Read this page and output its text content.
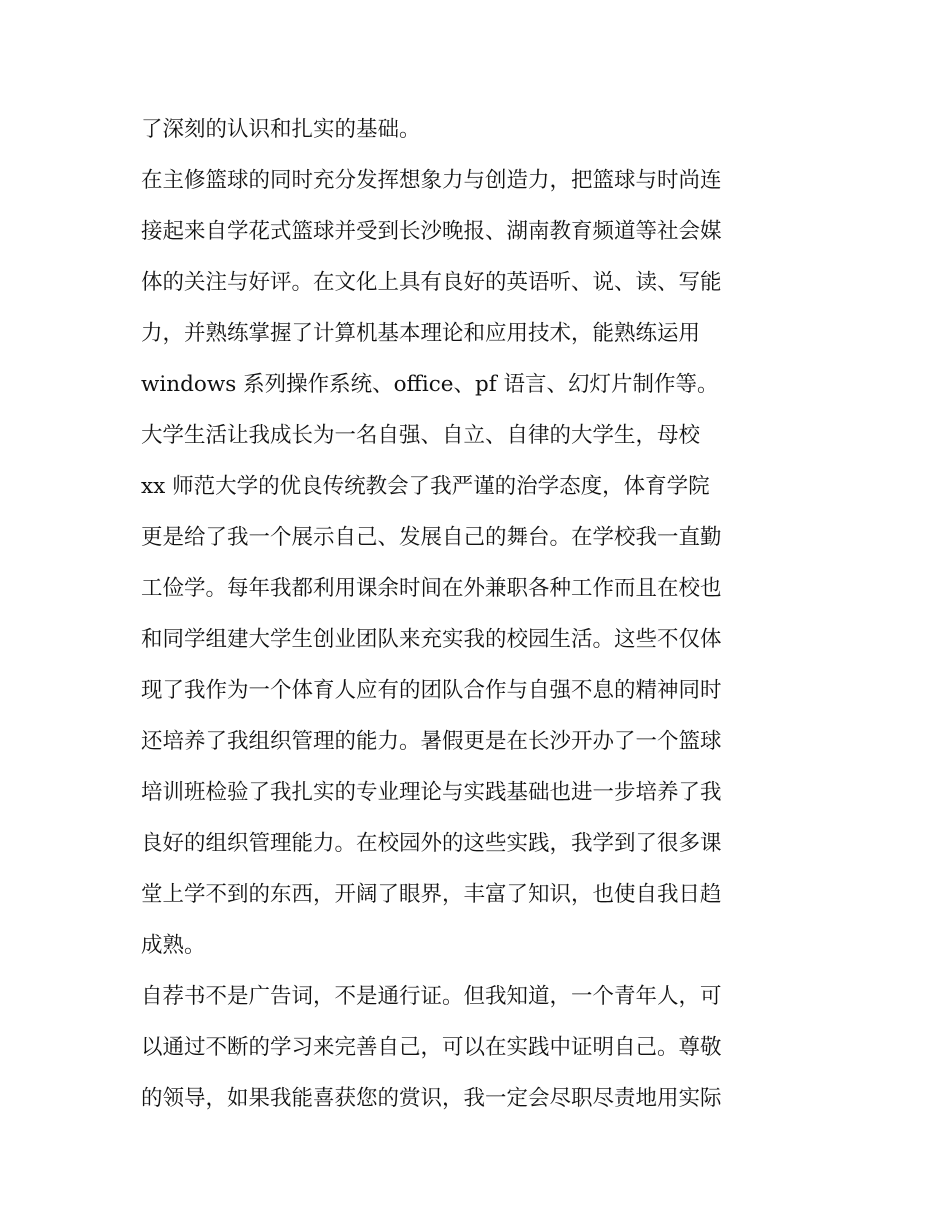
了深刻的认识和扎实的基础。
在主修篮球的同时充分发挥想象力与创造力，把篮球与时尚连
接起来自学花式篮球并受到长沙晚报、湖南教育频道等社会媒
体的关注与好评。在文化上具有良好的英语听、说、读、写能
力，并熟练掌握了计算机基本理论和应用技术，能熟练运用
windows 系列操作系统、office、pf 语言、幻灯片制作等。
大学生活让我成长为一名自强、自立、自律的大学生，母校
xx 师范大学的优良传统教会了我严谨的治学态度，体育学院
更是给了我一个展示自己、发展自己的舞台。在学校我一直勤
工俭学。每年我都利用课余时间在外兼职各种工作而且在校也
和同学组建大学生创业团队来充实我的校园生活。这些不仅体
现了我作为一个体育人应有的团队合作与自强不息的精神同时
还培养了我组织管理的能力。暑假更是在长沙开办了一个篮球
培训班检验了我扎实的专业理论与实践基础也进一步培养了我
良好的组织管理能力。在校园外的这些实践，我学到了很多课
堂上学不到的东西，开阔了眼界，丰富了知识，也使自我日趋
成熟。
自荐书不是广告词，不是通行证。但我知道，一个青年人，可
以通过不断的学习来完善自己，可以在实践中证明自己。尊敬
的领导，如果我能喜获您的赏识，我一定会尽职尽责地用实际
